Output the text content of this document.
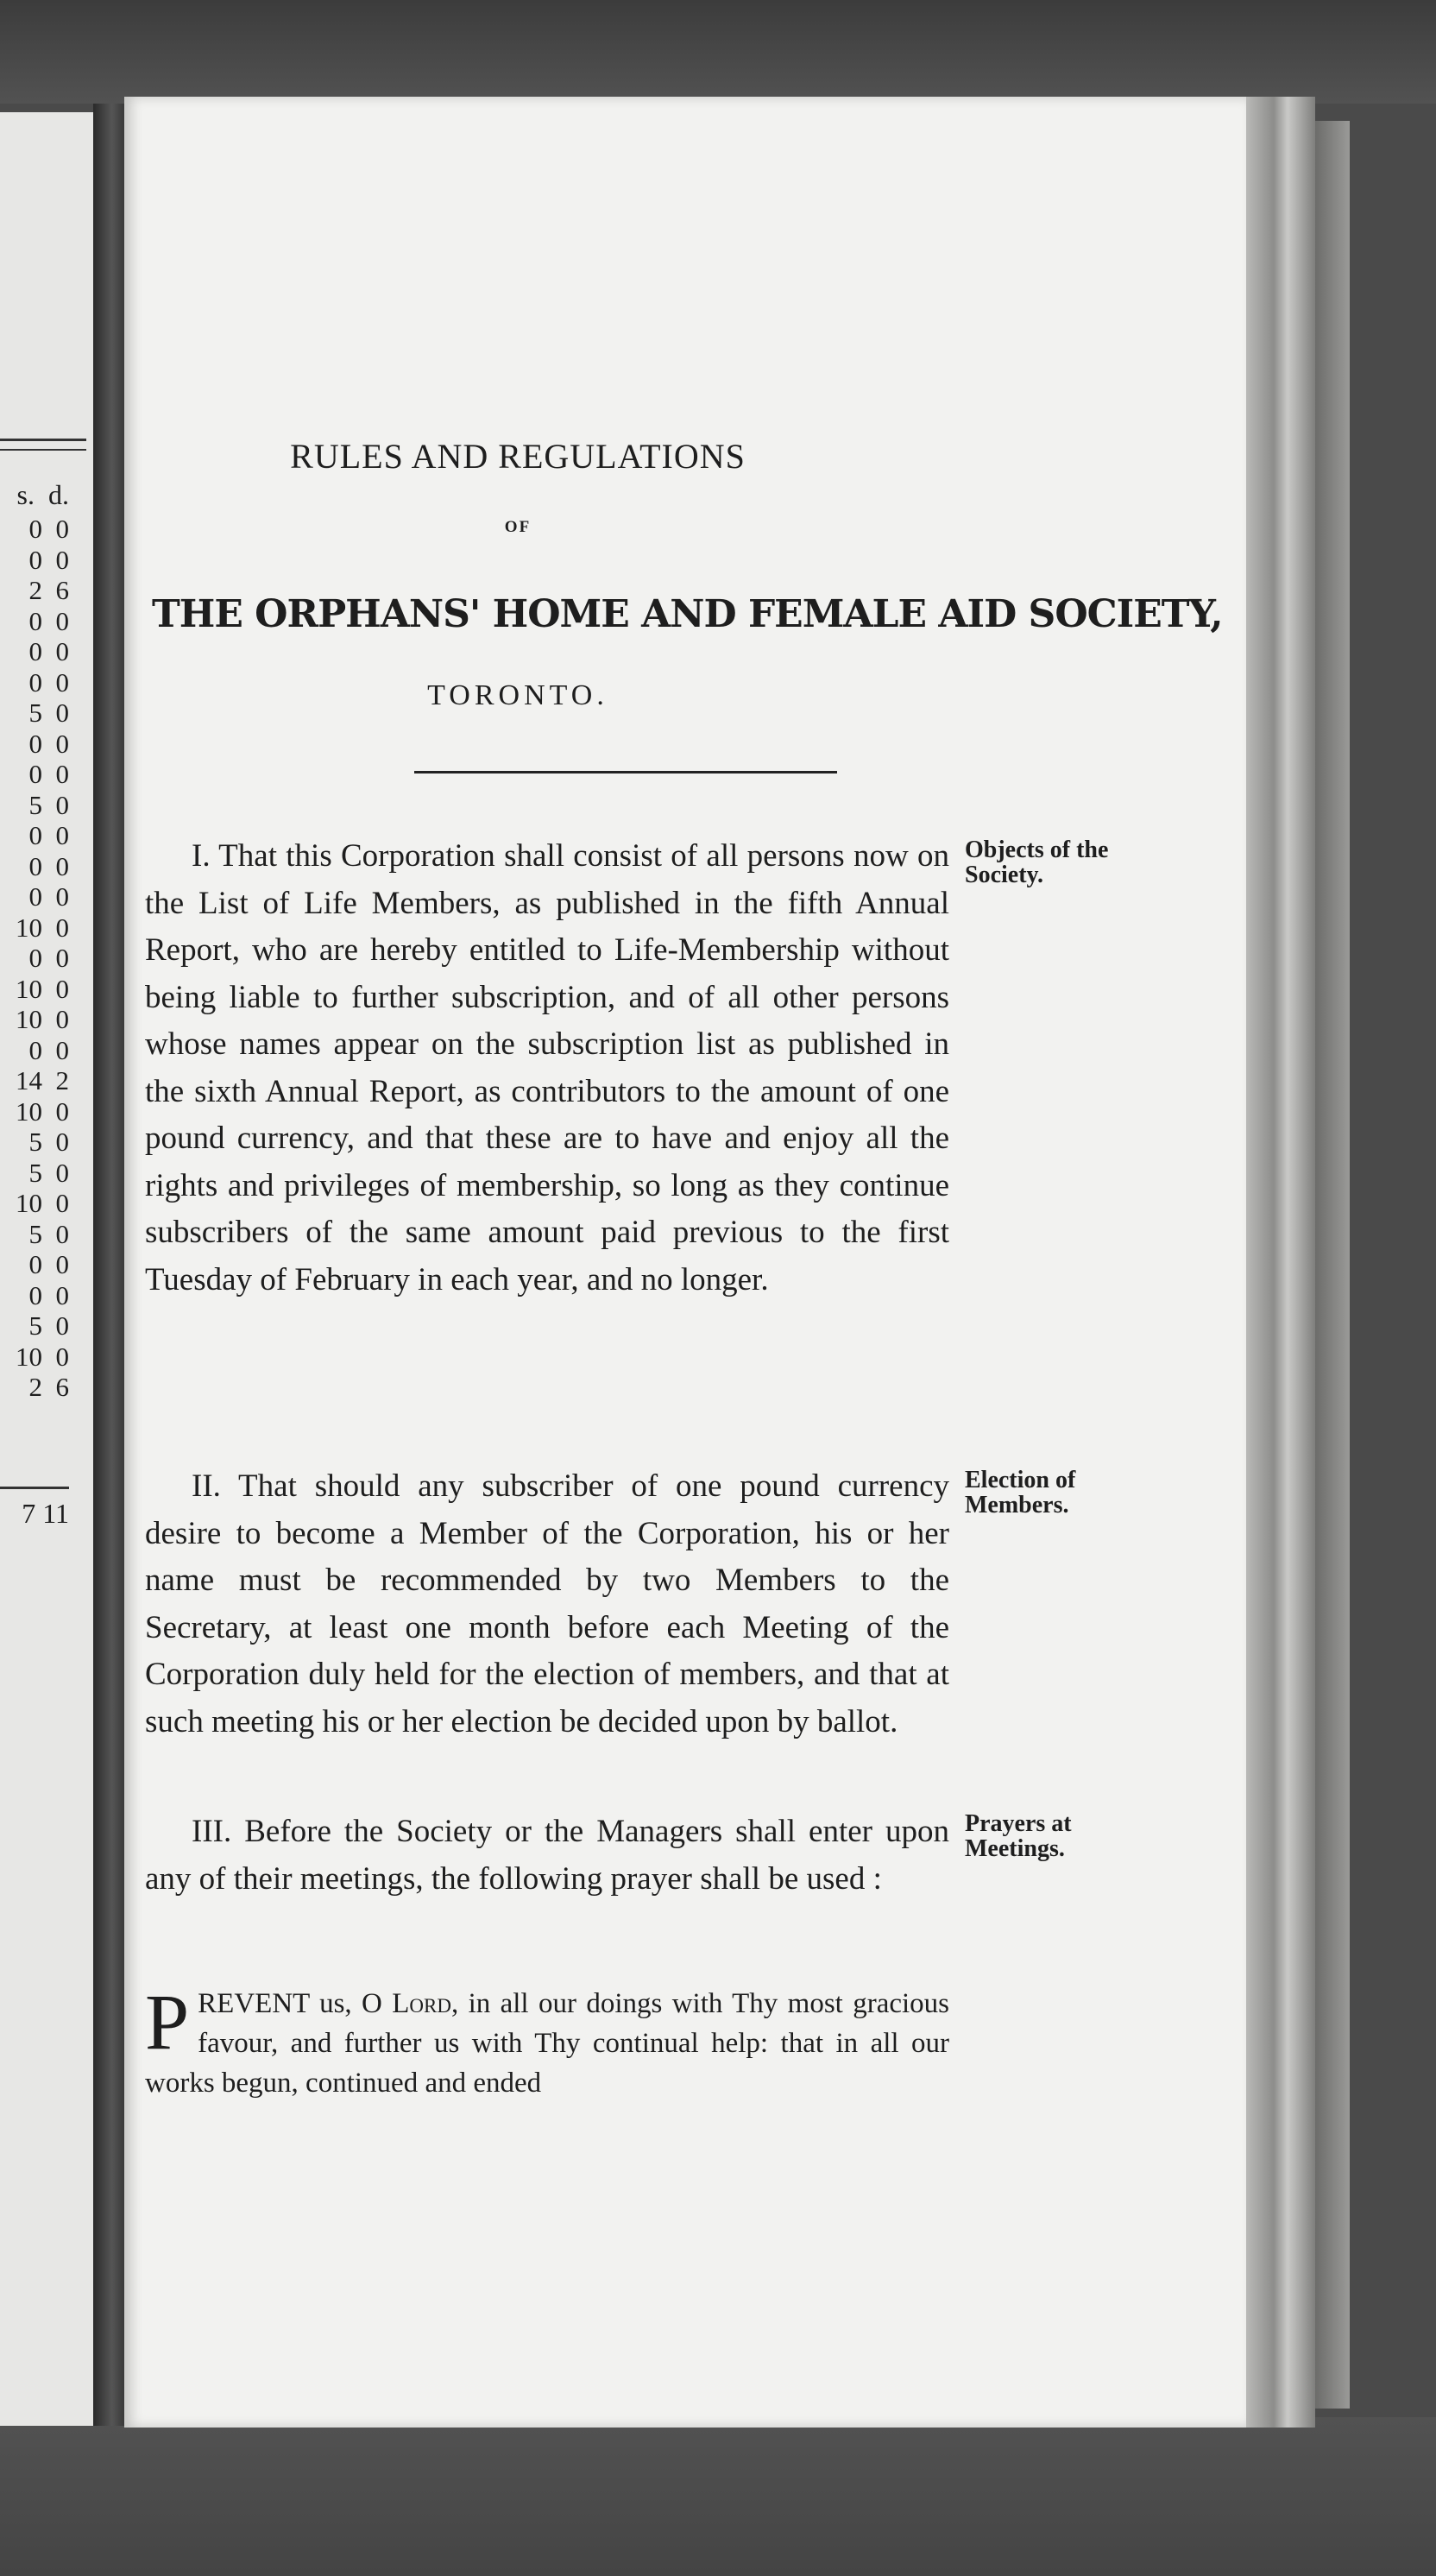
s.  d.
0  0
0  0
2  6
0  0
0  0
0  0
5  0
0  0
0  0
5  0
0  0
0  0
0  0
10  0
0  0
10  0
10  0
0  0
14  2
10  0
5  0
5  0
10  0
5  0
0  0
0  0
5  0
10  0
2  6
7 11
RULES AND REGULATIONS
OF
THE ORPHANS' HOME AND FEMALE AID SOCIETY,
TORONTO.

I. That this Corporation shall consist of all persons now on the List of Life Members, as published in the fifth Annual Report, who are hereby entitled to Life-Membership without being liable to further subscription, and of all other persons whose names appear on the subscription list as published in the sixth Annual Report, as contributors to the amount of one pound currency, and that these are to have and enjoy all the rights and privileges of membership, so long as they continue subscribers of the same amount paid previous to the first Tuesday of February in each year, and no longer.

Objects of the Society.

II. That should any subscriber of one pound currency desire to become a Member of the Corporation, his or her name must be recommended by two Members to the Secretary, at least one month before each Meeting of the Corporation duly held for the election of members, and that at such meeting his or her election be decided upon by ballot.

Election of Members.

III. Before the Society or the Managers shall enter upon any of their meetings, the following prayer shall be used :

Prayers at Meetings.

PREVENT us, O Lord, in all our doings with Thy most gracious favour, and further us with Thy continual help: that in all our works begun, continued and ended
